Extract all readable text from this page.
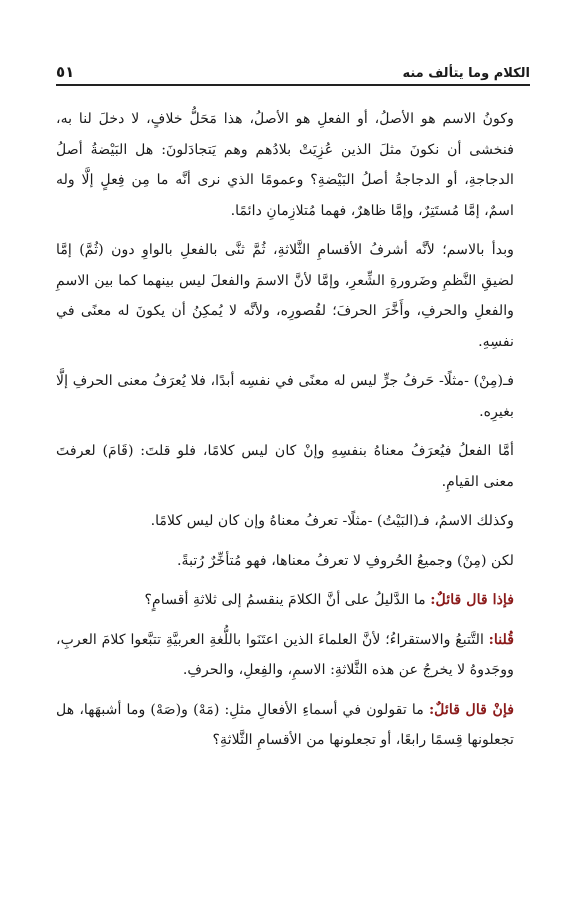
الكلام وما يتألف منه
٥١

وكونُ الاسم هو الأصلُ، أو الفعلِ هو الأصلُ، هذا مَحَلُّ خلافٍ، لا دخلَ لنا به، فنخشى أن نكونَ مثلَ الذين عُزِيَتْ بلادُهم وهم يَتجادَلونَ: هل البَيْضةُ أصلُ الدجاجةِ، أو الدجاجةُ أصلُ البَيْضةِ؟ وعمومًا الذي نرى أنَّه ما مِن فِعلٍ إلَّا وله اسمٌ، إمَّا مُستَتِرٌ، وإمَّا ظاهرٌ، فهما مُتلازِمانِ دائمًا.

وبدأ بالاسم؛ لأنَّه أشرفُ الأقسامِ الثَّلاثةِ، ثُمَّ ثنَّى بالفعلِ بالواوِ دون (ثُمَّ) إمَّا لضيقِ النَّظمِ وضَرورةِ الشِّعرِ، وإمَّا لأنَّ الاسمَ والفعلَ ليس بينهما كما بين الاسمِ والفعلِ والحرفِ، وأَخَّرَ الحرفَ؛ لقُصورِه، ولأنَّه لا يُمكِنُ أن يكونَ له معنًى في نفسِهِ.

فـ(مِنْ) -مثلًا- حَرفُ جرٍّ ليس له معنًى في نفسِه أبدًا، فلا يُعرَفُ معنى الحرفِ إلَّا بغيرِه.

أمَّا الفعلُ فيُعرَفُ معناهُ بنفسِهِ وإنْ كان ليس كلامًا، فلو قلتَ: (قَامَ) لعرفتَ معنى القيامِ.

وكذلك الاسمُ، فـ(البَيْتُ) -مثلًا- تعرفُ معناهُ وإن كان ليس كلامًا.

لكن (مِنْ) وجميعُ الحُروفِ لا تعرفُ معناها، فهو مُتأخِّرٌ رُتبةً.

فإذا قال قائلٌ: ما الدَّليلُ على أنَّ الكلامَ ينقسمُ إلى ثلاثةِ أقسامٍ؟

قُلنا: التَّتبعُ والاستقراءُ؛ لأنَّ العلماءَ الذين اعتَنَوا باللُّغةِ العربيَّةِ تتبَّعوا كلامَ العربِ، ووجَدوهُ لا يخرجُ عن هذه الثَّلاثةِ: الاسمِ، والفِعلِ، والحرفِ.

فإنْ قال قائلٌ: ما تقولون في أسماءِ الأفعالِ مثلِ: (مَهْ) و(صَهْ) وما أشبهَها، هل تجعلونها قِسمًا رابعًا، أو تجعلونها من الأقسامِ الثَّلاثةِ؟
